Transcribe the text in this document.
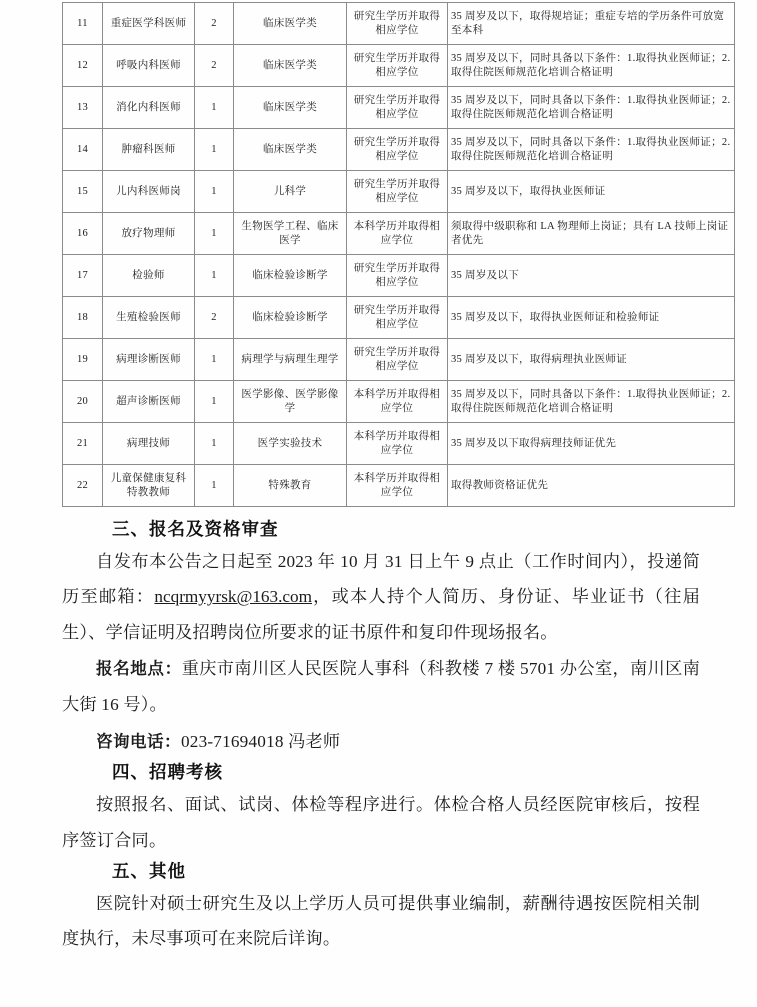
11	重症医学科医师	2	临床医学类	研究生学历并取得相应学位	35 周岁及以下，取得规培证；重症专培的学历条件可放宽至本科
12	呼吸内科医师	2	临床医学类	研究生学历并取得相应学位	35 周岁及以下，同时具备以下条件：1.取得执业医师证；2.取得住院医师规范化培训合格证明
13	消化内科医师	1	临床医学类	研究生学历并取得相应学位	35 周岁及以下，同时具备以下条件：1.取得执业医师证；2.取得住院医师规范化培训合格证明
14	肿瘤科医师	1	临床医学类	研究生学历并取得相应学位	35 周岁及以下，同时具备以下条件：1.取得执业医师证；2.取得住院医师规范化培训合格证明
15	儿内科医师岗	1	儿科学	研究生学历并取得相应学位	35 周岁及以下，取得执业医师证
16	放疗物理师	1	生物医学工程、临床医学	本科学历并取得相应学位	须取得中级职称和 LA 物理师上岗证；具有 LA 技师上岗证者优先
17	检验师	1	临床检验诊断学	研究生学历并取得相应学位	35 周岁及以下
18	生殖检验医师	2	临床检验诊断学	研究生学历并取得相应学位	35 周岁及以下，取得执业医师证和检验师证
19	病理诊断医师	1	病理学与病理生理学	研究生学历并取得相应学位	35 周岁及以下，取得病理执业医师证
20	超声诊断医师	1	医学影像、医学影像学	本科学历并取得相应学位	35 周岁及以下，同时具备以下条件：1.取得执业医师证；2.取得住院医师规范化培训合格证明
21	病理技师	1	医学实验技术	本科学历并取得相应学位	35 周岁及以下取得病理技师证优先
22	儿童保健康复科特教教师	1	特殊教育	本科学历并取得相应学位	取得教师资格证优先
三、报名及资格审查

自发布本公告之日起至 2023 年 10 月 31 日上午 9 点止（工作时间内），投递简历至邮箱：ncqrmyyrsk@163.com，或本人持个人简历、身份证、毕业证书（往届生）、学信证明及招聘岗位所要求的证书原件和复印件现场报名。

报名地点：重庆市南川区人民医院人事科（科教楼 7 楼 5701 办公室，南川区南大街 16 号）。

咨询电话：023-71694018 冯老师

四、招聘考核

按照报名、面试、试岗、体检等程序进行。体检合格人员经医院审核后，按程序签订合同。

五、其他

医院针对硕士研究生及以上学历人员可提供事业编制，薪酬待遇按医院相关制度执行，未尽事项可在来院后详询。
